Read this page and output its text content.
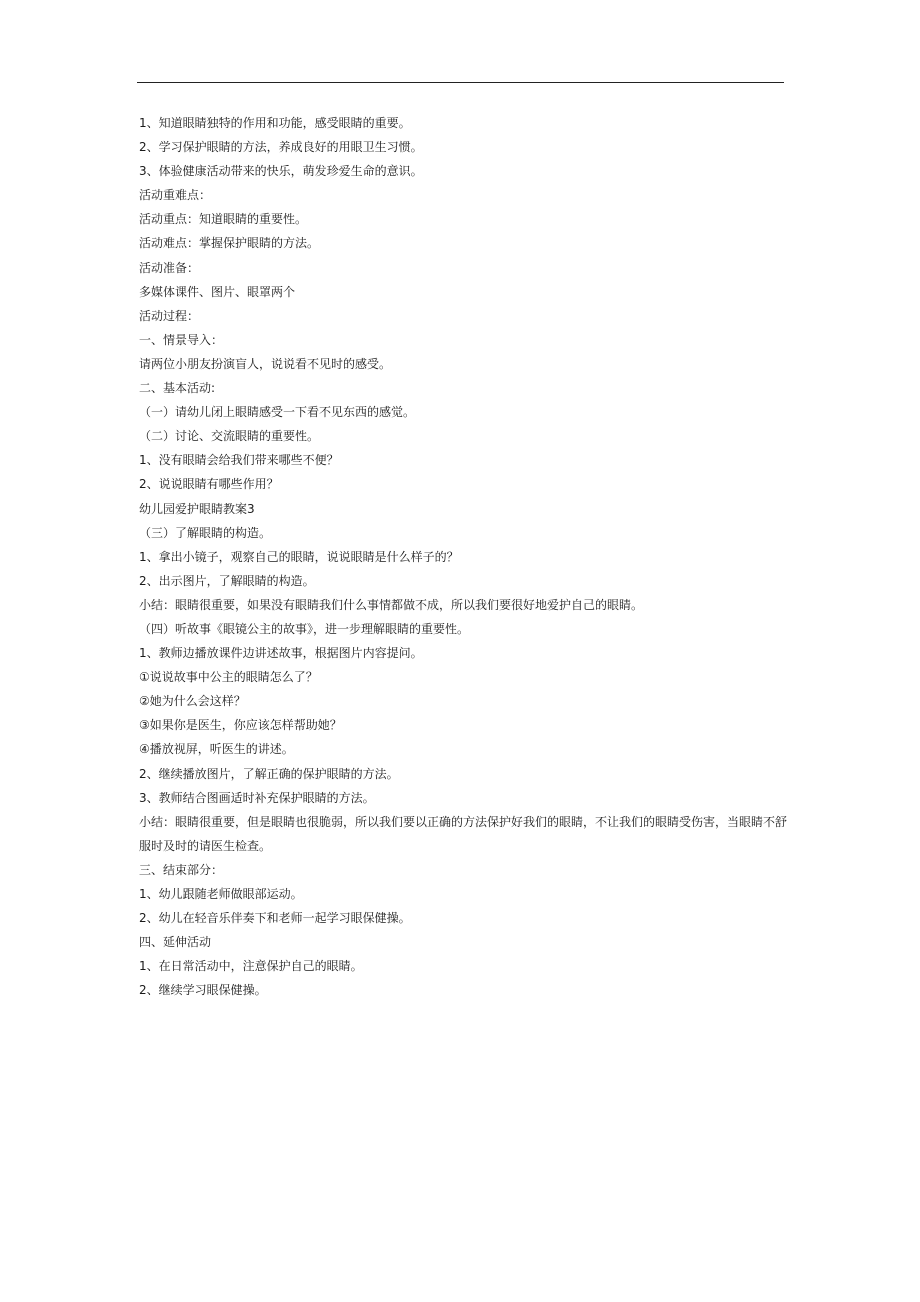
1、知道眼睛独特的作用和功能，感受眼睛的重要。

2、学习保护眼睛的方法，养成良好的用眼卫生习惯。

3、体验健康活动带来的快乐，萌发珍爱生命的意识。

活动重难点：

活动重点：知道眼睛的重要性。

活动难点：掌握保护眼睛的方法。

活动准备：

多媒体课件、图片、眼罩两个

活动过程：

一、情景导入：

请两位小朋友扮演盲人，说说看不见时的感受。

二、基本活动:

（一）请幼儿闭上眼睛感受一下看不见东西的感觉。

（二）讨论、交流眼睛的重要性。

1、没有眼睛会给我们带来哪些不便？

2、说说眼睛有哪些作用？

幼儿园爱护眼睛教案3

（三）了解眼睛的构造。

1、拿出小镜子，观察自己的眼睛，说说眼睛是什么样子的？

2、出示图片，了解眼睛的构造。

小结：眼睛很重要，如果没有眼睛我们什么事情都做不成，所以我们要很好地爱护自己的眼睛。

（四）听故事《眼镜公主的故事》，进一步理解眼睛的重要性。

1、教师边播放课件边讲述故事，根据图片内容提问。

①说说故事中公主的眼睛怎么了？

②她为什么会这样？

③如果你是医生，你应该怎样帮助她？

④播放视屏，听医生的讲述。

2、继续播放图片，了解正确的保护眼睛的方法。

3、教师结合图画适时补充保护眼睛的方法。

小结：眼睛很重要，但是眼睛也很脆弱，所以我们要以正确的方法保护好我们的眼睛，不让我们的眼睛受伤害，当眼睛不舒服时及时的请医生检查。

三、结束部分：

1、幼儿跟随老师做眼部运动。

2、幼儿在轻音乐伴奏下和老师一起学习眼保健操。

四、延伸活动

1、在日常活动中，注意保护自己的眼睛。

2、继续学习眼保健操。
